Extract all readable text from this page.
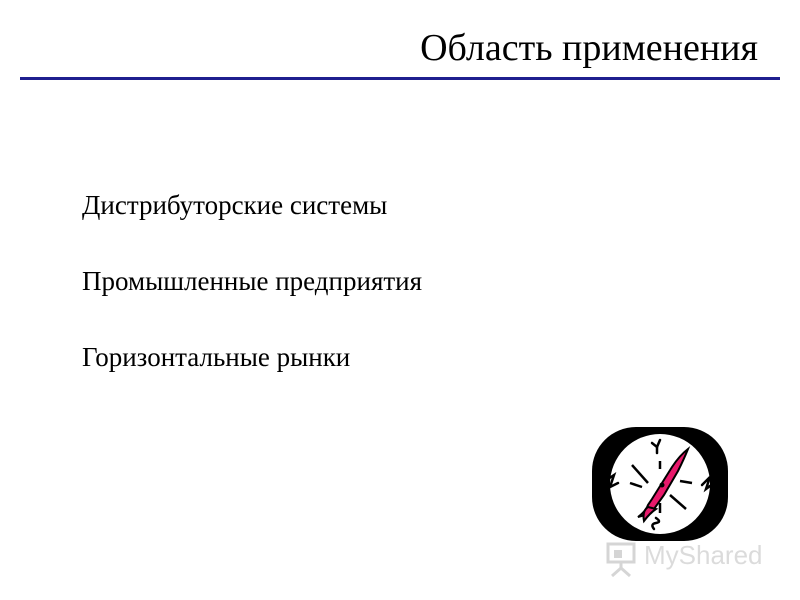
Область применения
Дистрибуторские системы
Промышленные предприятия
Горизонтальные рынки
MyShared
